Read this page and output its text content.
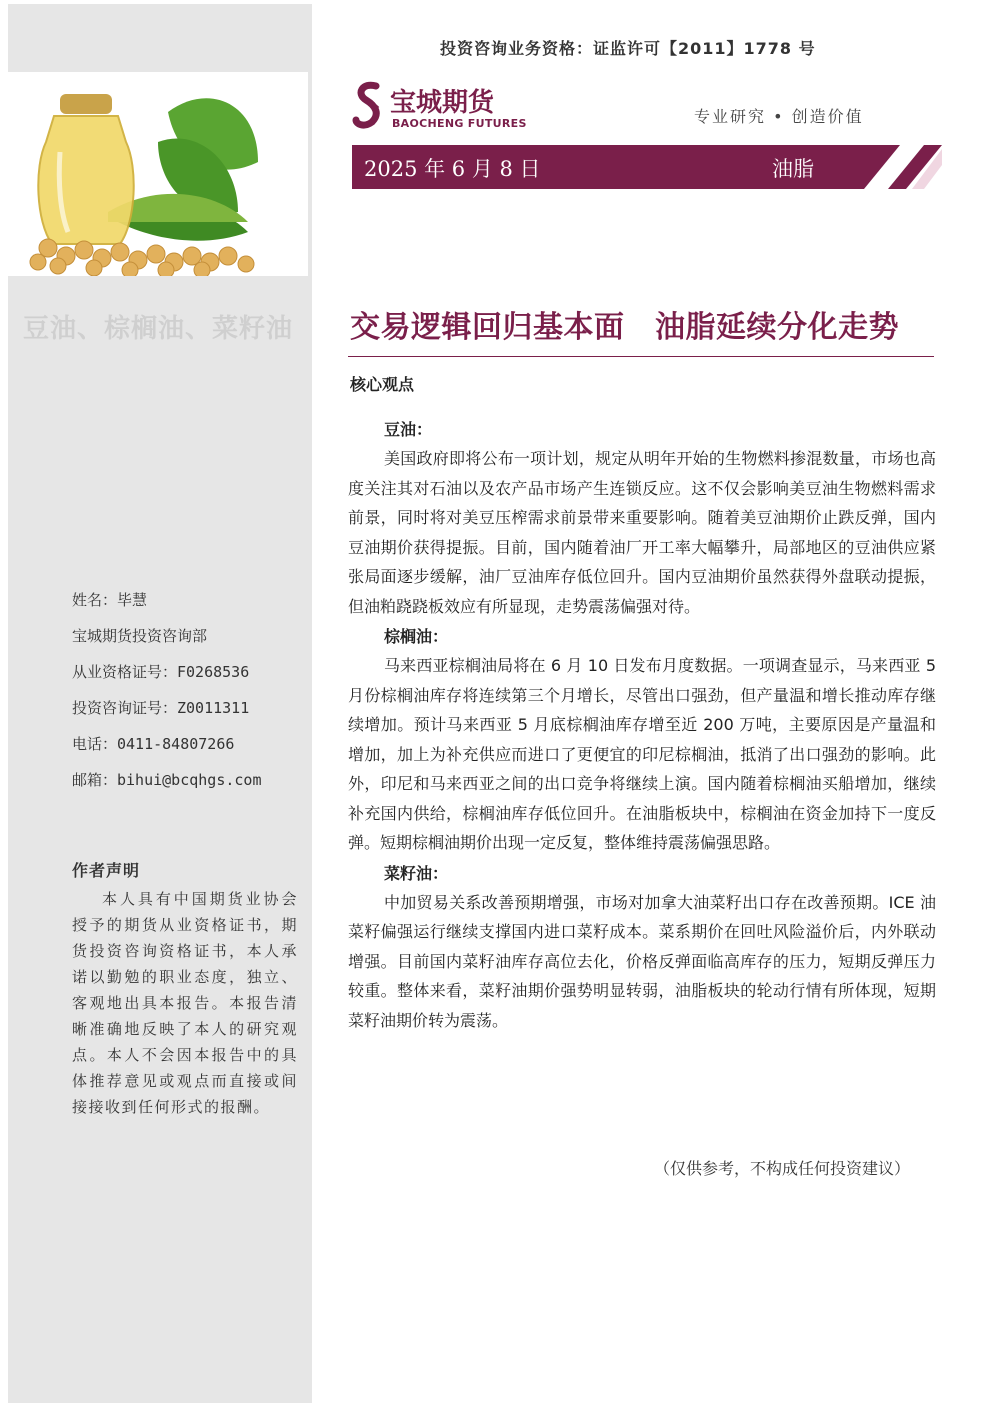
豆油、棕榈油、菜籽油
姓名：毕慧
宝城期货投资咨询部
从业资格证号：F0268536
投资咨询证号：Z0011311
电话：0411-84807266
邮箱：bihui@bcqhgs.com
作者声明
本人具有中国期货业协会授予的期货从业资格证书，期货投资咨询资格证书，本人承诺以勤勉的职业态度，独立、客观地出具本报告。本报告清晰准确地反映了本人的研究观点。本人不会因本报告中的具体推荐意见或观点而直接或间接接收到任何形式的报酬。
投资咨询业务资格：证监许可【2011】1778 号
宝城期货
BAOCHENG FUTURES	专业研究 • 创造价值
2025 年 6 月 8 日	油脂
交易逻辑回归基本面　油脂延续分化走势
核心观点
豆油：

美国政府即将公布一项计划，规定从明年开始的生物燃料掺混数量，市场也高度关注其对石油以及农产品市场产生连锁反应。这不仅会影响美豆油生物燃料需求前景，同时将对美豆压榨需求前景带来重要影响。随着美豆油期价止跌反弹，国内豆油期价获得提振。目前，国内随着油厂开工率大幅攀升，局部地区的豆油供应紧张局面逐步缓解，油厂豆油库存低位回升。国内豆油期价虽然获得外盘联动提振，但油粕跷跷板效应有所显现，走势震荡偏强对待。

棕榈油：

马来西亚棕榈油局将在 6 月 10 日发布月度数据。一项调查显示，马来西亚 5 月份棕榈油库存将连续第三个月增长，尽管出口强劲，但产量温和增长推动库存继续增加。预计马来西亚 5 月底棕榈油库存增至近 200 万吨，主要原因是产量温和增加，加上为补充供应而进口了更便宜的印尼棕榈油，抵消了出口强劲的影响。此外，印尼和马来西亚之间的出口竞争将继续上演。国内随着棕榈油买船增加，继续补充国内供给，棕榈油库存低位回升。在油脂板块中，棕榈油在资金加持下一度反弹。短期棕榈油期价出现一定反复，整体维持震荡偏强思路。

菜籽油：

中加贸易关系改善预期增强，市场对加拿大油菜籽出口存在改善预期。ICE 油菜籽偏强运行继续支撑国内进口菜籽成本。菜系期价在回吐风险溢价后，内外联动增强。目前国内菜籽油库存高位去化，价格反弹面临高库存的压力，短期反弹压力较重。整体来看，菜籽油期价强势明显转弱，油脂板块的轮动行情有所体现，短期菜籽油期价转为震荡。

（仅供参考，不构成任何投资建议）
